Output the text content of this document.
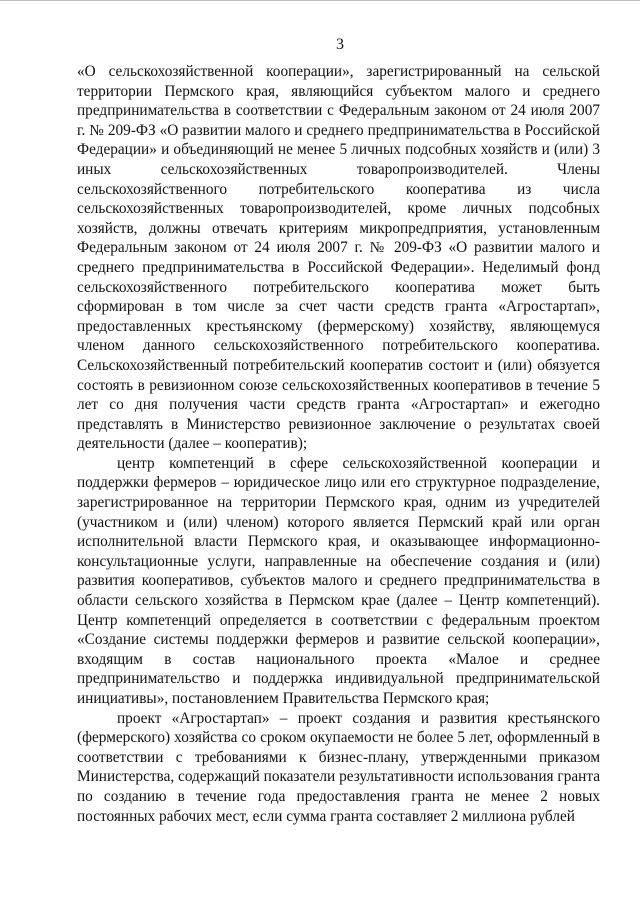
3

«О сельскохозяйственной кооперации», зарегистрированный на сельской территории Пермского края, являющийся субъектом малого и среднего предпринимательства в соответствии с Федеральным законом от 24 июля 2007 г. № 209-ФЗ «О развитии малого и среднего предпринимательства в Российской Федерации» и объединяющий не менее 5 личных подсобных хозяйств и (или) 3 иных сельскохозяйственных товаропроизводителей. Члены сельскохозяйственного потребительского кооператива из числа сельскохозяйственных товаропроизводителей, кроме личных подсобных хозяйств, должны отвечать критериям микропредприятия, установленным Федеральным законом от 24 июля 2007 г. № 209-ФЗ «О развитии малого и среднего предпринимательства в Российской Федерации». Неделимый фонд сельскохозяйственного потребительского кооператива может быть сформирован в том числе за счет части средств гранта «Агростартап», предоставленных крестьянскому (фермерскому) хозяйству, являющемуся членом данного сельскохозяйственного потребительского кооператива. Сельскохозяйственный потребительский кооператив состоит и (или) обязуется состоять в ревизионном союзе сельскохозяйственных кооперативов в течение 5 лет со дня получения части средств гранта «Агростартап» и ежегодно представлять в Министерство ревизионное заключение о результатах своей деятельности (далее – кооператив);

центр компетенций в сфере сельскохозяйственной кооперации и поддержки фермеров – юридическое лицо или его структурное подразделение, зарегистрированное на территории Пермского края, одним из учредителей (участником и (или) членом) которого является Пермский край или орган исполнительной власти Пермского края, и оказывающее информационно-консультационные услуги, направленные на обеспечение создания и (или) развития кооперативов, субъектов малого и среднего предпринимательства в области сельского хозяйства в Пермском крае (далее – Центр компетенций). Центр компетенций определяется в соответствии с федеральным проектом «Создание системы поддержки фермеров и развитие сельской кооперации», входящим в состав национального проекта «Малое и среднее предпринимательство и поддержка индивидуальной предпринимательской инициативы», постановлением Правительства Пермского края;

проект «Агростартап» – проект создания и развития крестьянского (фермерского) хозяйства со сроком окупаемости не более 5 лет, оформленный в соответствии с требованиями к бизнес-плану, утвержденными приказом Министерства, содержащий показатели результативности использования гранта по созданию в течение года предоставления гранта не менее 2 новых постоянных рабочих мест, если сумма гранта составляет 2 миллиона рублей
